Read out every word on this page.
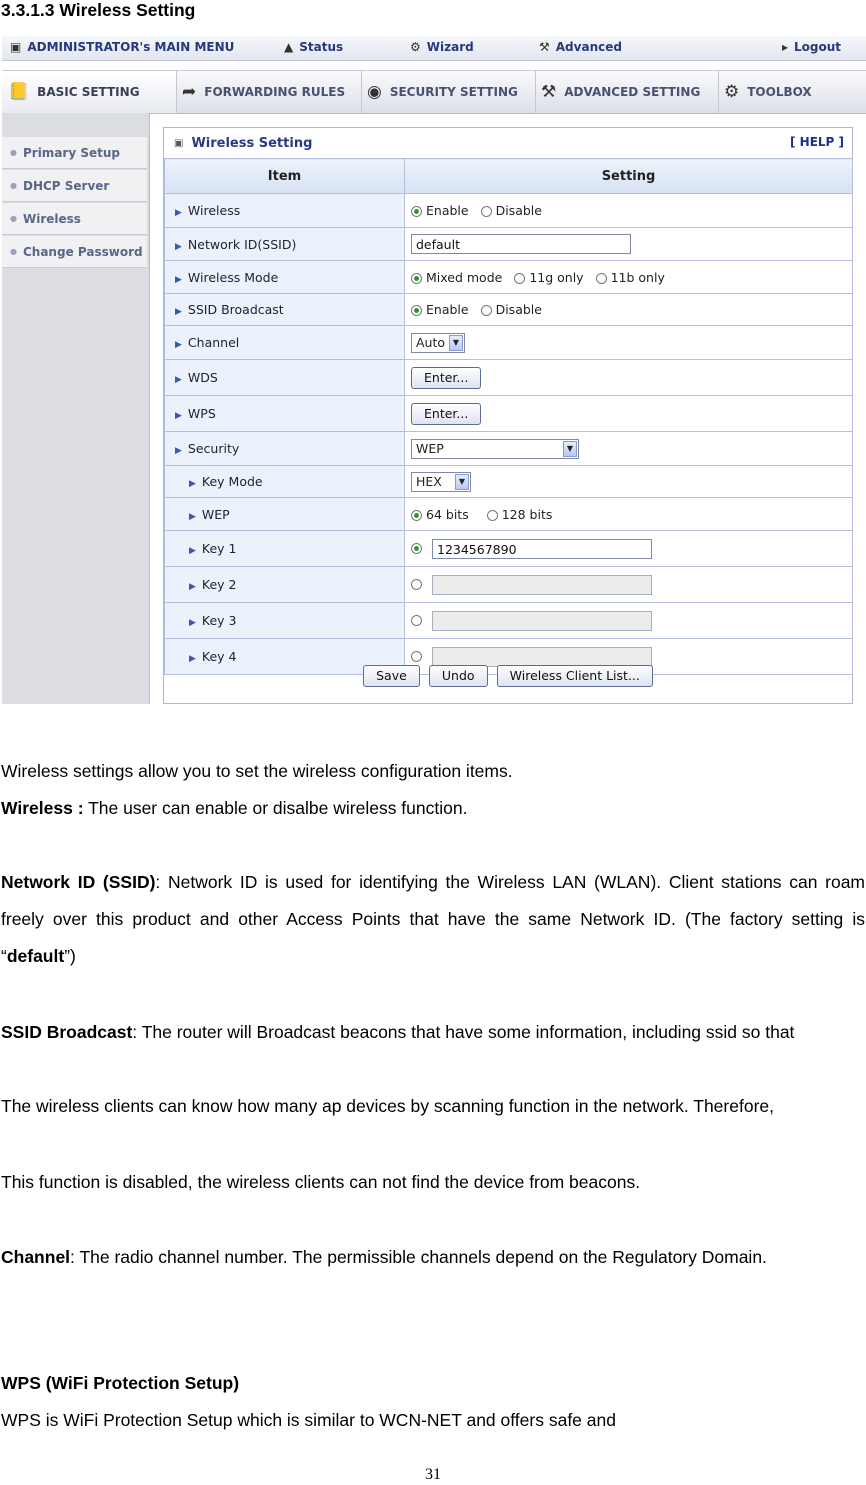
3.3.1.3 Wireless Setting
▣ ADMINISTRATOR's MAIN MENU	▲ Status	⚙ Wizard	⚒ Advanced	▸ Logout
📒 BASIC SETTING ➦ FORWARDING RULES ◉ SECURITY SETTING ⚒ ADVANCED SETTING ⚙ TOOLBOX
● Primary Setup
● DHCP Server
● Wireless
● Change Password
▣ Wireless Setting	[ HELP ]
Item	Setting
▶ Wireless	Enable Disable
▶ Network ID(SSID)	default
▶ Wireless Mode	Mixed mode 11g only 11b only
▶ SSID Broadcast	Enable Disable
▶ Channel	Auto ▼

▶ WDS	Enter...
▶ WPS	Enter...
▶ Security	WEP ▼

▶ Key Mode	HEX ▼

▶ WEP	64 bits 128 bits
▶ Key 1	1234567890
▶ Key 2	
▶ Key 3	
▶ Key 4	
Save	Undo	Wireless Client List...
Wireless settings allow you to set the wireless configuration items.
Wireless : The user can enable or disalbe wireless function.
Network ID (SSID): Network ID is used for identifying the Wireless LAN (WLAN). Client stations can roam freely over this product and other Access Points that have the same Network ID. (The factory setting is “default”)
SSID Broadcast: The router will Broadcast beacons that have some information, including ssid so that
The wireless clients can know how many ap devices by scanning function in the network. Therefore,
This function is disabled, the wireless clients can not find the device from beacons.
Channel: The radio channel number. The permissible channels depend on the Regulatory Domain.
WPS (WiFi Protection Setup)
WPS is WiFi Protection Setup which is similar to WCN-NET and offers safe and
31
